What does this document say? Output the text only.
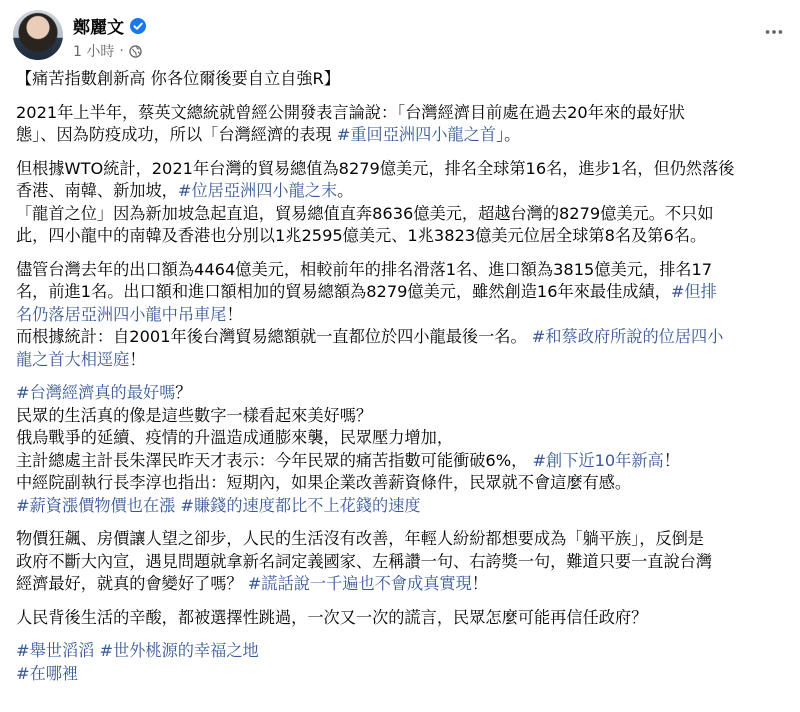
鄭麗文
1 小時 ·

【痛苦指數創新高 你各位爾後要自立自強R】

2021年上半年，蔡英文總統就曾經公開發表言論說：「台灣經濟目前處在過去20年來的最好狀
態」、因為防疫成功，所以「台灣經濟的表現 #重回亞洲四小龍之首」。

但根據WTO統計，2021年台灣的貿易總值為8279億美元，排名全球第16名，進步1名，但仍然落後
香港、南韓、新加坡，#位居亞洲四小龍之末。
「龍首之位」因為新加坡急起直追，貿易總值直奔8636億美元，超越台灣的8279億美元。不只如
此，四小龍中的南韓及香港也分別以1兆2595億美元、1兆3823億美元位居全球第8名及第6名。

儘管台灣去年的出口額為4464億美元，相較前年的排名滑落1名、進口額為3815億美元，排名17
名，前進1名。出口額和進口額相加的貿易總額為8279億美元，雖然創造16年來最佳成績，#但排
名仍落居亞洲四小龍中吊車尾！
而根據統計：自2001年後台灣貿易總額就一直都位於四小龍最後一名。 #和蔡政府所說的位居四小
龍之首大相逕庭！

#台灣經濟真的最好嗎？
民眾的生活真的像是這些數字一樣看起來美好嗎？
俄烏戰爭的延續、疫情的升溫造成通膨來襲，民眾壓力增加，
主計總處主計長朱澤民昨天才表示：今年民眾的痛苦指數可能衝破6%， #創下近10年新高！
中經院副執行長李淳也指出：短期內，如果企業改善薪資條件，民眾就不會這麼有感。
#薪資漲價物價也在漲 #賺錢的速度都比不上花錢的速度

物價狂飆、房價讓人望之卻步，人民的生活沒有改善，年輕人紛紛都想要成為「躺平族」，反倒是
政府不斷大內宣，遇見問題就拿新名詞定義國家、左稱讚一句、右誇獎一句，難道只要一直說台灣
經濟最好，就真的會變好了嗎？ #謊話說一千遍也不會成真實現！

人民背後生活的辛酸，都被選擇性跳過，一次又一次的謊言，民眾怎麼可能再信任政府？

#舉世滔滔 #世外桃源的幸福之地
#在哪裡
